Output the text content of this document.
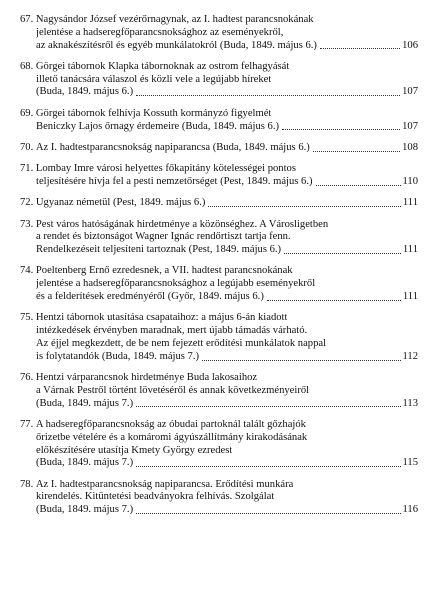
67.
Nagysándor József vezérőrnagynak, az I. hadtest parancsnokának
jelentése a hadseregfőparancsnoksághoz az eseményekről,
az aknakészítésről és egyéb munkálatokról (Buda, 1849. május 6.)	106
68.
Görgei tábornok Klapka tábornoknak az ostrom felhagyását
illető tanácsára válaszol és közli vele a legújabb híreket
(Buda, 1849. május 6.)	107
69.
Görgei tábornok felhívja Kossuth kormányzó figyelmét
Beniczky Lajos őrnagy érdemeire (Buda, 1849. május 6.)	107
70.
Az I. hadtestparancsnokság napiparancsa (Buda, 1849. május 6.)	108
71.
Lombay Imre városi helyettes főkapitány kötelességei pontos
teljesítésére hívja fel a pesti nemzetőrséget (Pest, 1849. május 6.)	110
72.
Ugyanaz németül (Pest, 1849. május 6.)	111
73.
Pest város hatóságának hirdetménye a közönséghez. A Városligetben
a rendet és biztonságot Wagner Ignác rendőrtiszt tartja fenn.
Rendelkezéseit teljesíteni tartoznak (Pest, 1849. május 6.)	111
74.
Poeltenberg Ernő ezredesnek, a VII. hadtest parancsnokának
jelentése a hadseregfőparancsnoksághoz a legújabb eseményekről
és a felderítések eredményéről (Győr, 1849. május 6.)	111
75.
Hentzi tábornok utasítása csapataihoz: a május 6-án kiadott
intézkedések érvényben maradnak, mert újabb támadás várható.
Az éjjel megkezdett, de be nem fejezett erődítési munkálatok nappal
is folytatandók (Buda, 1849. május 7.)	112
76.
Hentzi várparancsnok hirdetménye Buda lakosaihoz
a Várnak Pestről történt lövetéséről és annak következményeiről
(Buda, 1849. május 7.)	113
77.
A hadseregfőparancsnokság az óbudai partoknál talált gőzhajók
őrizetbe vételére és a komáromi ágyúszállítmány kirakodásának
előkészítésére utasítja Kmety György ezredest
(Buda, 1849. május 7.)	115
78.
Az I. hadtestparancsnokság napiparancsa. Erődítési munkára
kirendelés. Kitüntetési beadványokra felhívás. Szolgálat
(Buda, 1849. május 7.)	116
